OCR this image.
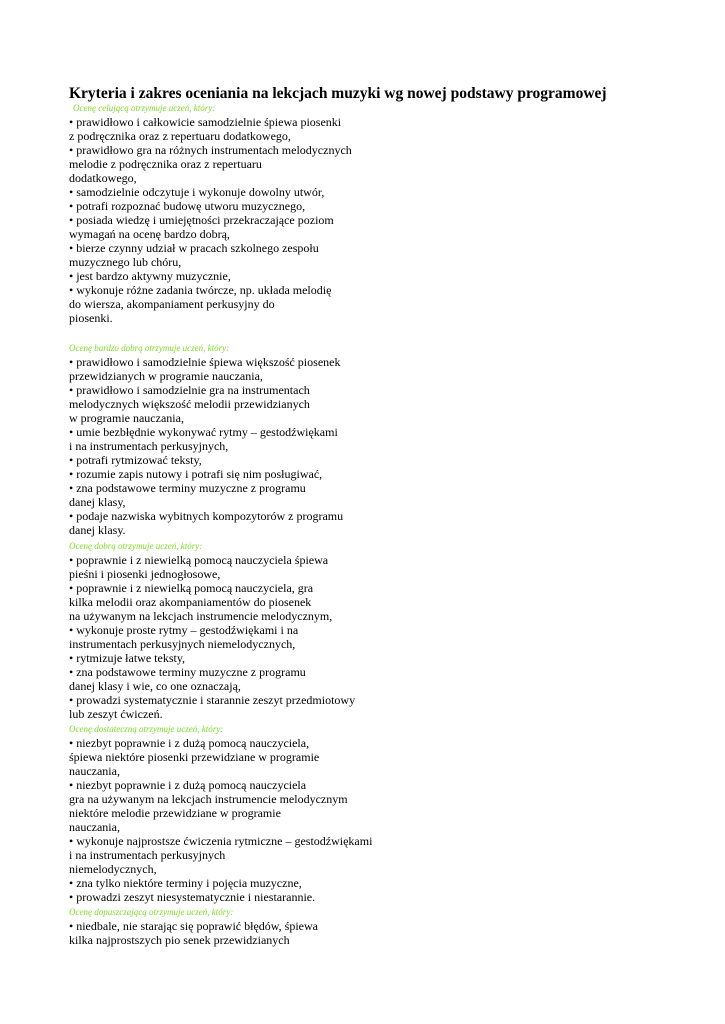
Kryteria i zakres oceniania na lekcjach muzyki wg nowej podstawy programowej
Ocenę celującą otrzymuje uczeń, który:
• prawidłowo i całkowicie samodzielnie śpiewa piosenki
z podręcznika oraz z repertuaru dodatkowego,
• prawidłowo gra na różnych instrumentach melodycznych
melodie z podręcznika oraz z repertuaru
dodatkowego,
• samodzielnie odczytuje i wykonuje dowolny utwór,
• potrafi rozpoznać budowę utworu muzycznego,
• posiada wiedzę i umiejętności przekraczające poziom
wymagań na ocenę bardzo dobrą,
• bierze czynny udział w pracach szkolnego zespołu
muzycznego lub chóru,
• jest bardzo aktywny muzycznie,
• wykonuje różne zadania twórcze, np. układa melodię
do wiersza, akompaniament perkusyjny do
piosenki.
Ocenę bardzo dobrą otrzymuje uczeń, który:
• prawidłowo i samodzielnie śpiewa większość piosenek
przewidzianych w programie nauczania,
• prawidłowo i samodzielnie gra na instrumentach
melodycznych większość melodii przewidzianych
w programie nauczania,
• umie bezbłędnie wykonywać rytmy – gestodźwiękami
i na instrumentach perkusyjnych,
• potrafi rytmizować teksty,
• rozumie zapis nutowy i potrafi się nim posługiwać,
• zna podstawowe terminy muzyczne z programu
danej klasy,
• podaje nazwiska wybitnych kompozytorów z programu
danej klasy.
Ocenę dobrą otrzymuje uczeń, który:
• poprawnie i z niewielką pomocą nauczyciela śpiewa
pieśni i piosenki jednogłosowe,
• poprawnie i z niewielką pomocą nauczyciela, gra
kilka melodii oraz akompaniamentów do piosenek
na używanym na lekcjach instrumencie melodycznym,
• wykonuje proste rytmy – gestodźwiękami i na
instrumentach perkusyjnych niemelodycznych,
• rytmizuje łatwe teksty,
• zna podstawowe terminy muzyczne z programu
danej klasy i wie, co one oznaczają,
• prowadzi systematycznie i starannie zeszyt przedmiotowy
lub zeszyt ćwiczeń.
Ocenę dostateczną otrzymuje uczeń, który:
• niezbyt poprawnie i z dużą pomocą nauczyciela,
śpiewa niektóre piosenki przewidziane w programie
nauczania,
• niezbyt poprawnie i z dużą pomocą nauczyciela
gra na używanym na lekcjach instrumencie melodycznym
niektóre melodie przewidziane w programie
nauczania,
• wykonuje najprostsze ćwiczenia rytmiczne – gestodźwiękami
i na instrumentach perkusyjnych
niemelodycznych,
• zna tylko niektóre terminy i pojęcia muzyczne,
• prowadzi zeszyt niesystematycznie i niestarannie.
Ocenę dopuszczającą otrzymuje uczeń, który:
• niedbale, nie starając się poprawić błędów, śpiewa
kilka najprostszych pio senek przewidzianych
